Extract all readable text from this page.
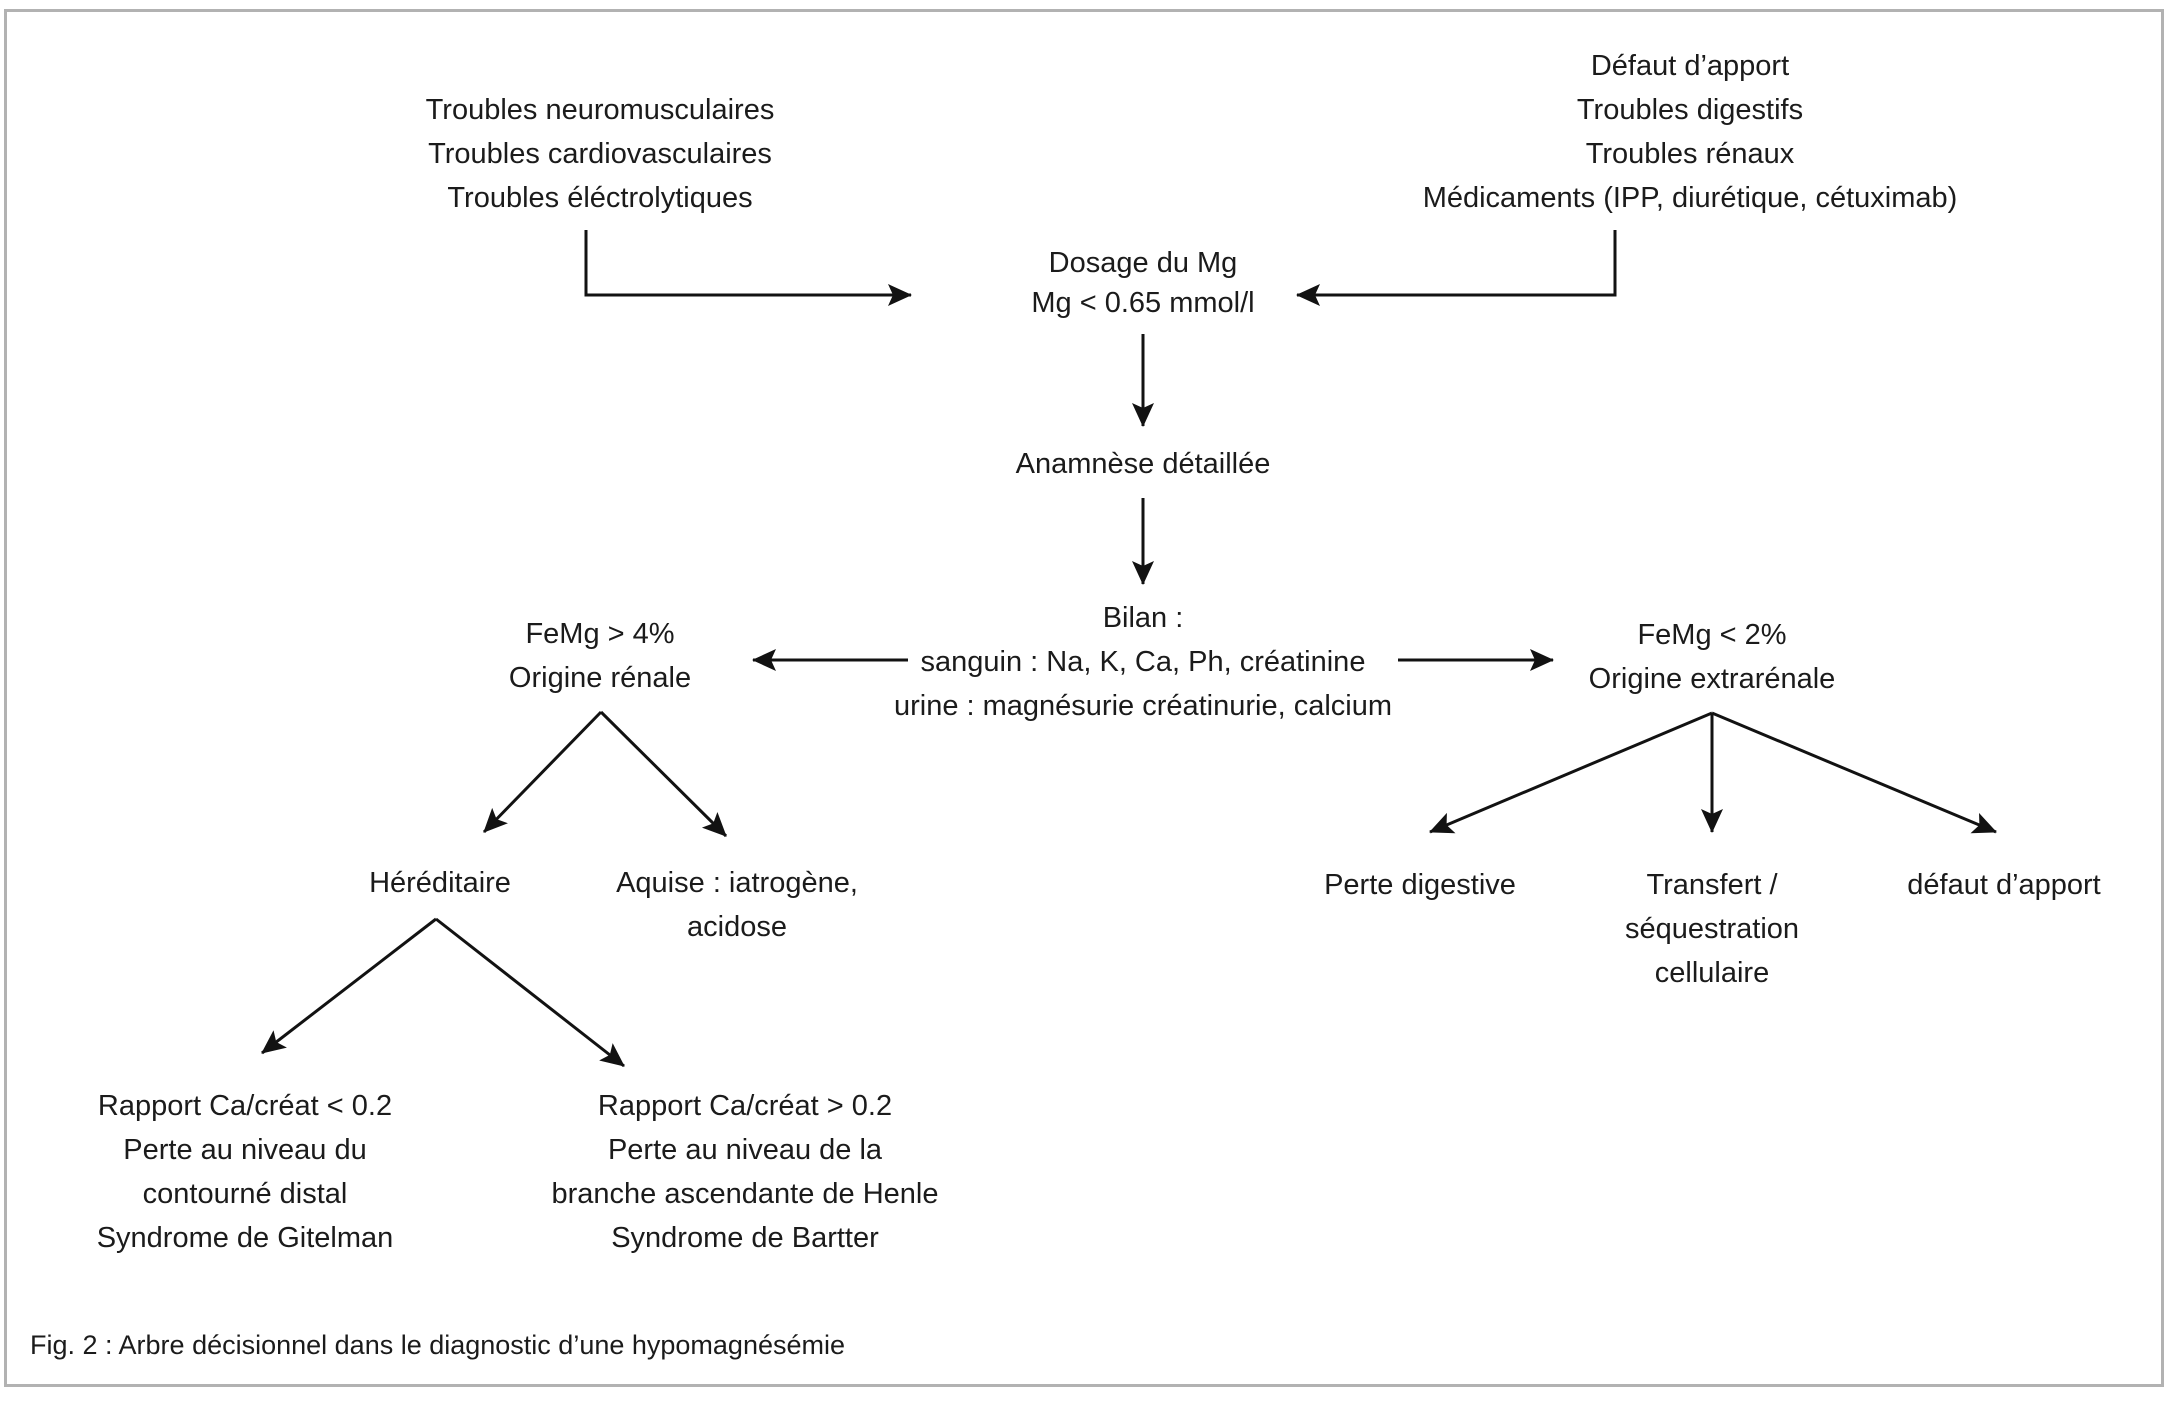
Troubles neuromusculaires
Troubles cardiovasculaires
Troubles éléctrolytiques
Défaut d’apport
Troubles digestifs
Troubles rénaux
Médicaments (IPP, diurétique, cétuximab)
Dosage du Mg
Mg < 0.65 mmol/l
Anamnèse détaillée
Bilan :
sanguin : Na, K, Ca, Ph, créatinine
urine : magnésurie créatinurie, calcium
FeMg > 4%
Origine rénale
FeMg < 2%
Origine extrarénale
Héréditaire	Aquise : iatrogène,
acidose
Perte digestive	Transfert /
séquestration
cellulaire
défaut d’apport
Rapport Ca/créat < 0.2
Perte au niveau du
contourné distal
Syndrome de Gitelman
Rapport Ca/créat > 0.2
Perte au niveau de la
branche ascendante de Henle
Syndrome de Bartter
Fig. 2 : Arbre décisionnel dans le diagnostic d’une hypomagnésémie
